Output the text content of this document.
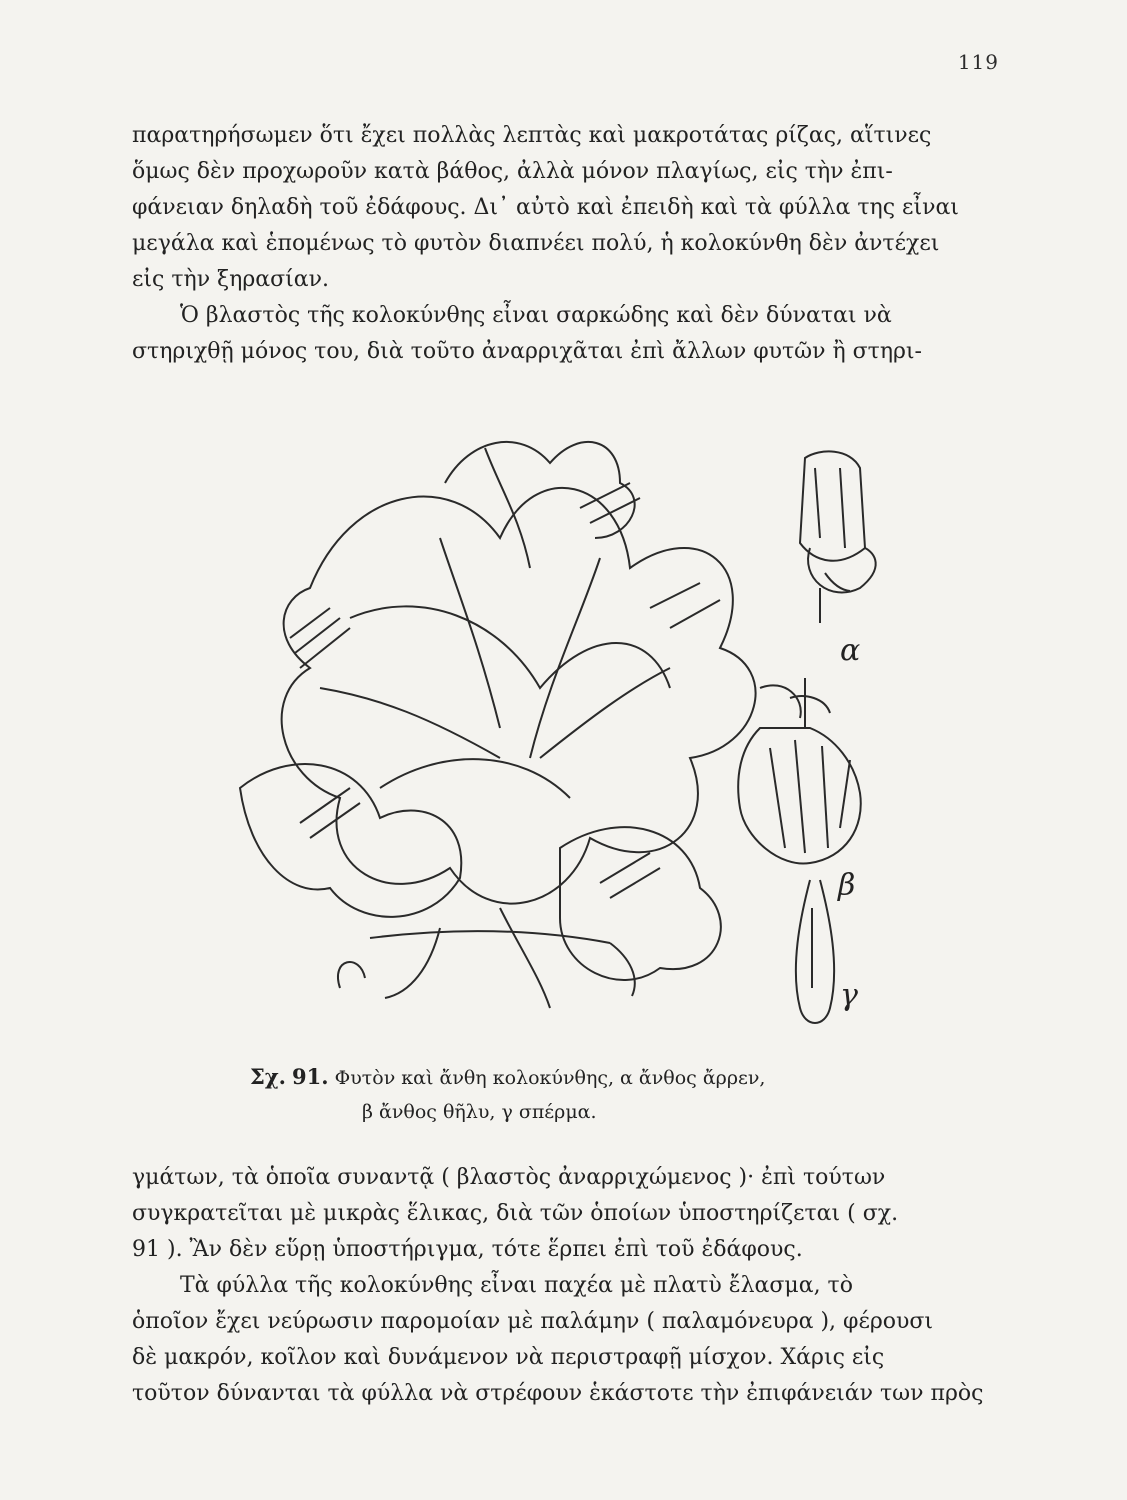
119
παρατηρήσωμεν ὅτι ἔχει πολλὰς λεπτὰς καὶ μακροτάτας ρίζας, αἵτινες
ὅμως δὲν προχωροῦν κατὰ βάθος, ἀλλὰ μόνον πλαγίως, εἰς τὴν ἐπι-
φάνειαν δηλαδὴ τοῦ ἐδάφους. Δι᾽ αὐτὸ καὶ ἐπειδὴ καὶ τὰ φύλλα της εἶναι
μεγάλα καὶ ἑπομένως τὸ φυτὸν διαπνέει πολύ, ἡ κολοκύνθη δὲν ἀντέχει
εἰς τὴν ξηρασίαν.
Ὁ βλαστὸς τῆς κολοκύνθης εἶναι σαρκώδης καὶ δὲν δύναται νὰ
στηριχθῇ μόνος του, διὰ τοῦτο ἀναρριχᾶται ἐπὶ ἄλλων φυτῶν ἢ στηρι-
α
β
γ
Σχ. 91. Φυτὸν καὶ ἄνθη κολοκύνθης, α ἄνθος ἄρρεν,
β ἄνθος θῆλυ, γ σπέρμα.
γμάτων, τὰ ὁποῖα συναντᾷ ( βλαστὸς ἀναρριχώμενος )· ἐπὶ τούτων
συγκρατεῖται μὲ μικρὰς ἕλικας, διὰ τῶν ὁποίων ὑποστηρίζεται ( σχ.
91 ). Ἂν δὲν εὕρῃ ὑποστήριγμα, τότε ἕρπει ἐπὶ τοῦ ἐδάφους.
Τὰ φύλλα τῆς κολοκύνθης εἶναι παχέα μὲ πλατὺ ἔλασμα, τὸ
ὁποῖον ἔχει νεύρωσιν παρομοίαν μὲ παλάμην ( παλαμόνευρα ), φέρουσι
δὲ μακρόν, κοῖλον καὶ δυνάμενον νὰ περιστραφῇ μίσχον. Χάρις εἰς
τοῦτον δύνανται τὰ φύλλα νὰ στρέφουν ἑκάστοτε τὴν ἐπιφάνειάν των πρὸς
